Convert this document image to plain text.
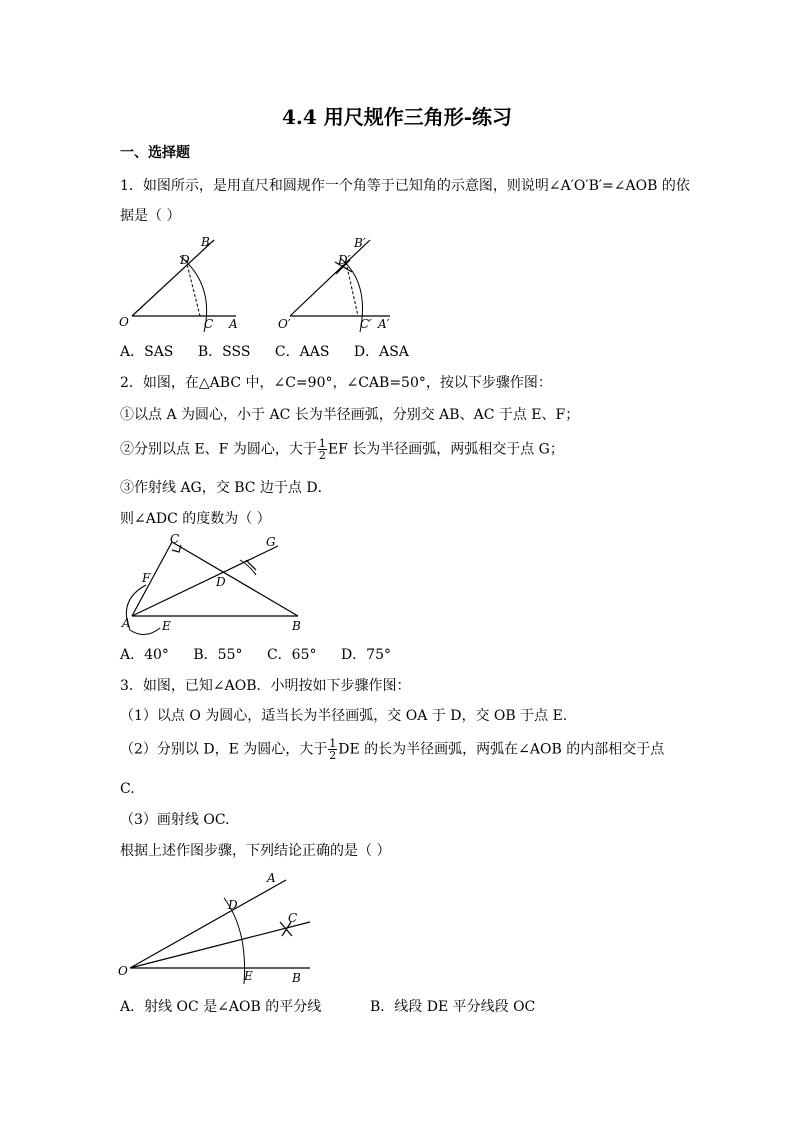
4.4 用尺规作三角形-练习
一、选择题
1．如图所示，是用直尺和圆规作一个角等于已知角的示意图，则说明∠A′O′B′=∠AOB 的依
据是（ ）
O	A
B
C
D
O′	A′
B′
C′
D′
A．SAS B．SSS C．AAS D．ASA
2．如图，在△ABC 中，∠C=90°，∠CAB=50°，按以下步骤作图：
①以点 A 为圆心，小于 AC 长为半径画弧，分别交 AB、AC 于点 E、F；
②分别以点 E、F 为圆心，大于 $\frac{1}{2}$ EF 长为半径画弧，两弧相交于点 G；
③作射线 AG，交 BC 边于点 D．
则∠ADC 的度数为（ ）
A	B
C
D
E
F
G
A．40° B．55° C．65° D．75°
3．如图，已知∠AOB．小明按如下步骤作图：
（1）以点 O 为圆心，适当长为半径画弧，交 OA 于 D，交 OB 于点 E.
（2）分别以 D，E 为圆心，大于 $\frac{1}{2}$ DE 的长为半径画弧，两弧在∠AOB 的内部相交于点
C.
（3）画射线 OC.
根据上述作图步骤，下列结论正确的是（ ）
O
A
B
C
D
E
A．射线 OC 是∠AOB 的平分线	B．线段 DE 平分线段 OC
